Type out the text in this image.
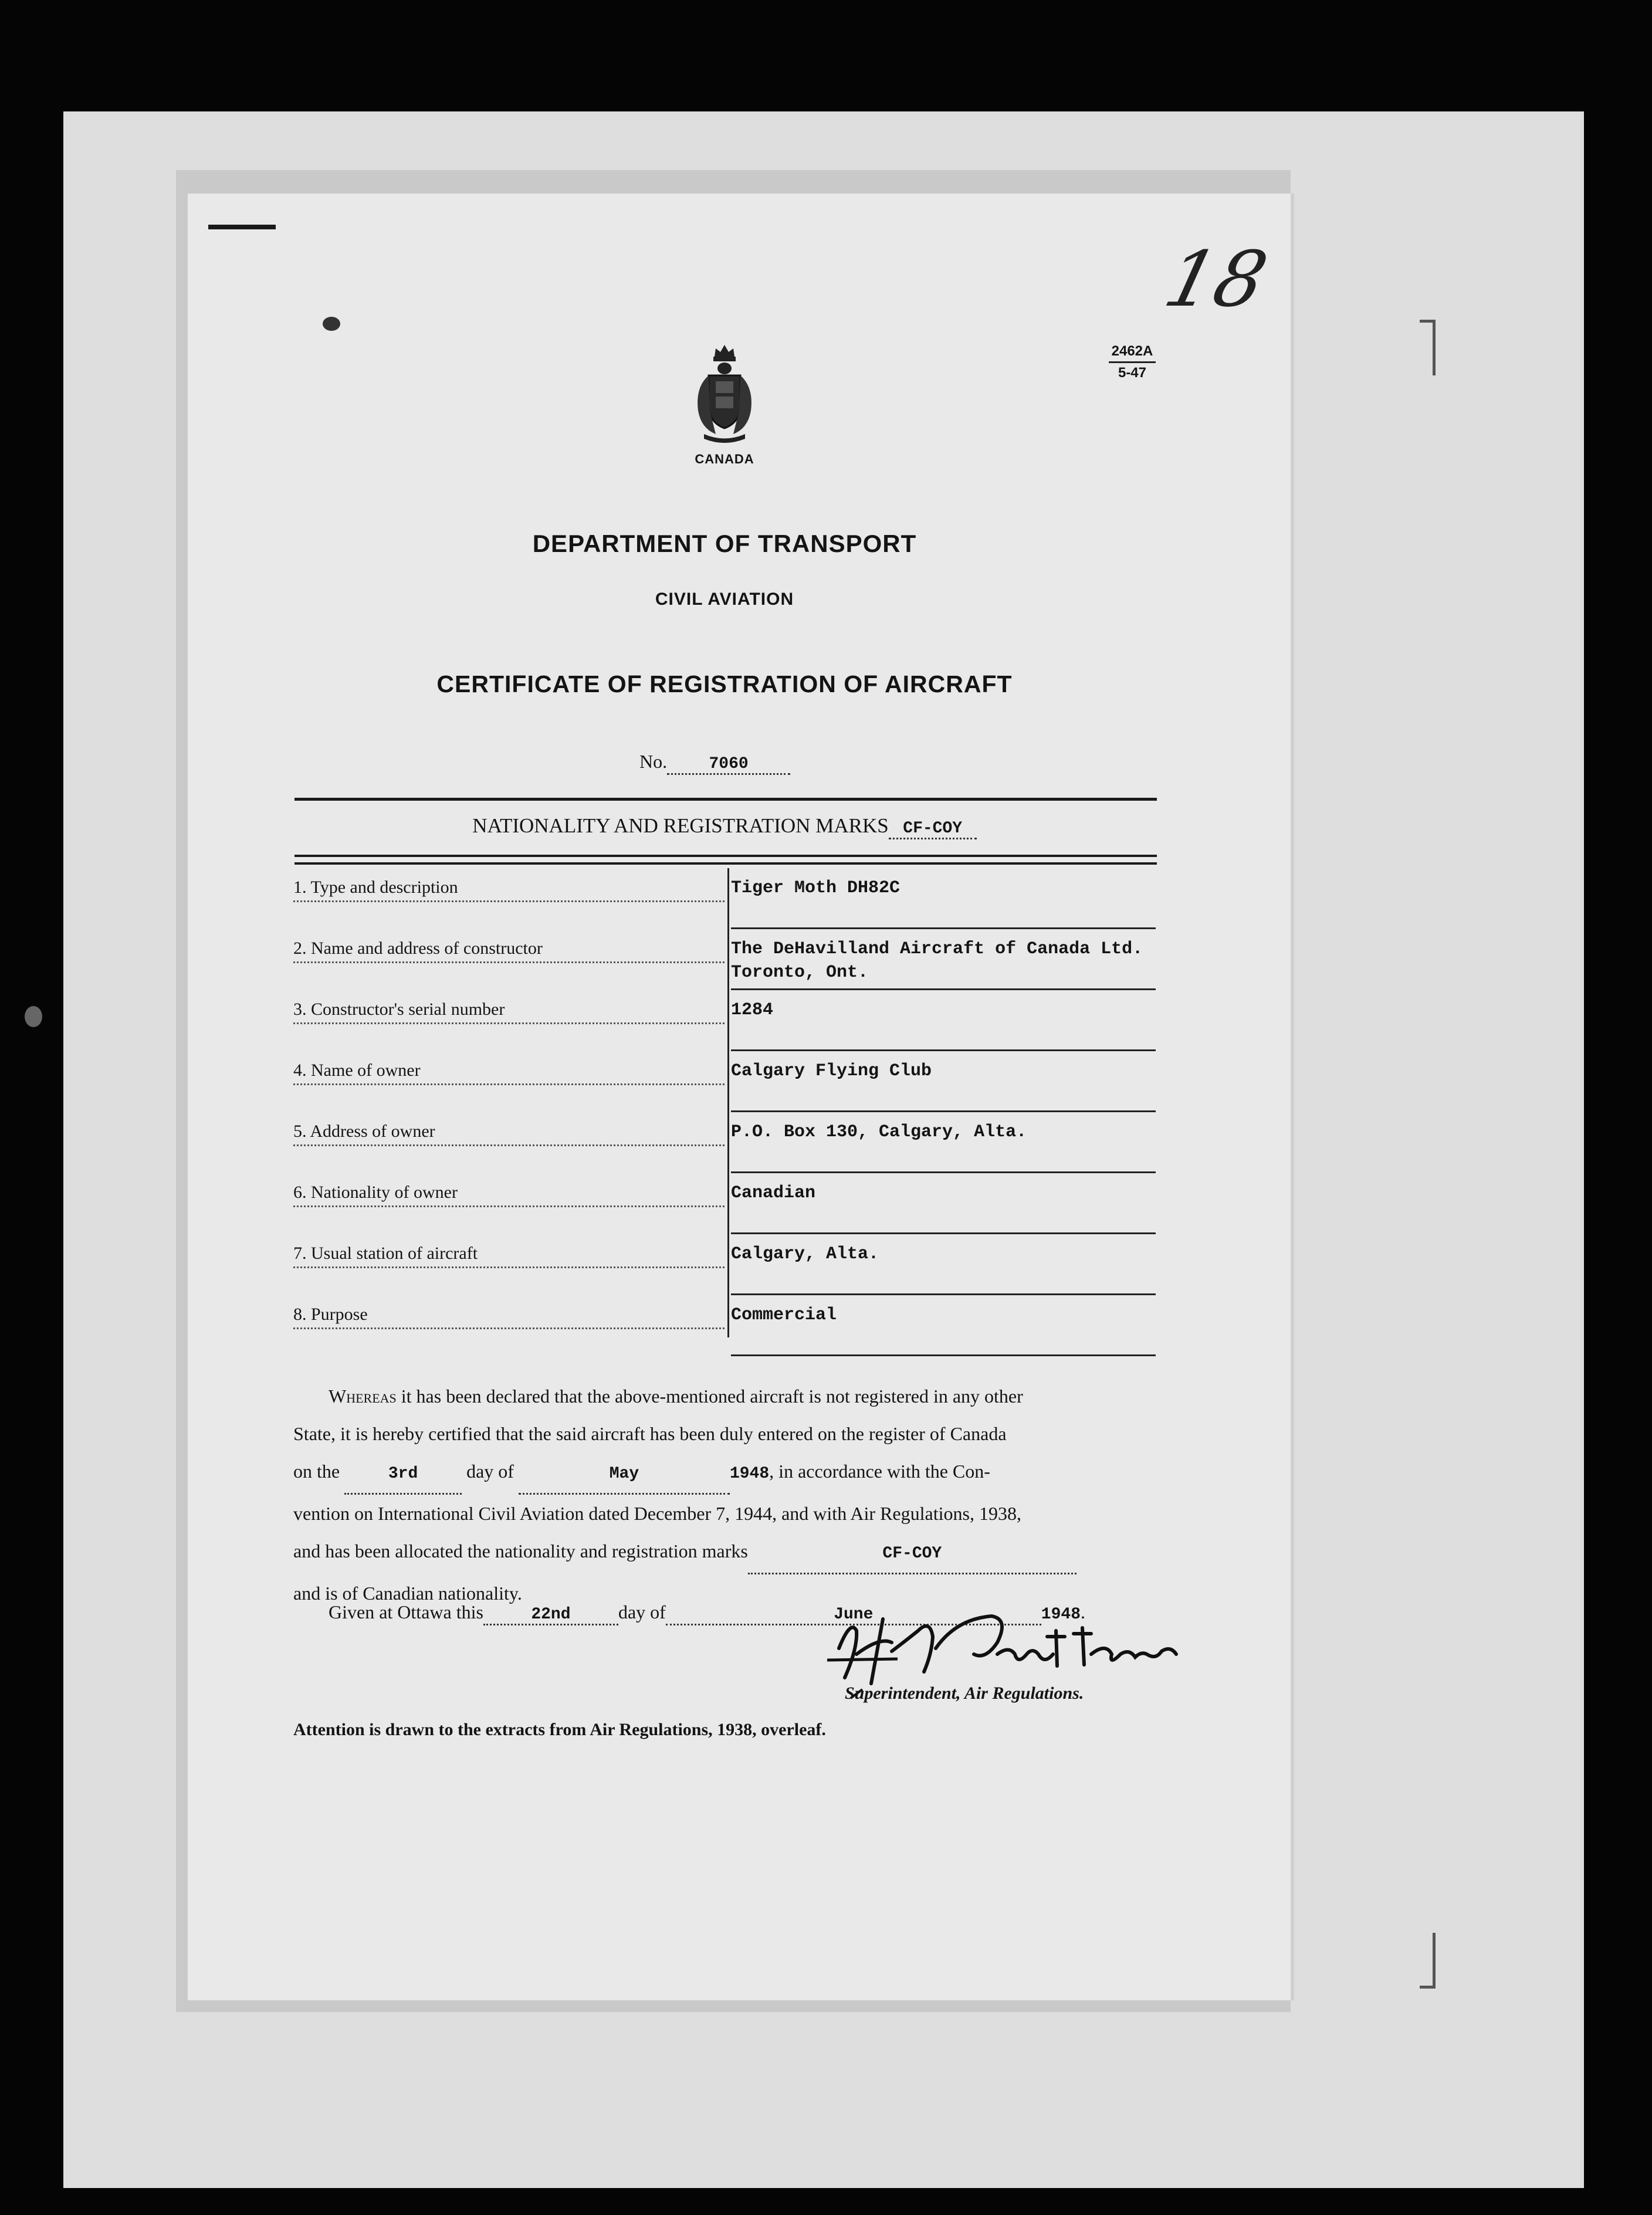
18
2462A
5-47
CANADA
DEPARTMENT OF TRANSPORT
CIVIL AVIATION
CERTIFICATE OF REGISTRATION OF AIRCRAFT
No.	7060
NATIONALITY AND REGISTRATION MARKS CF-COY
1. Type and description	Tiger Moth DH82C
2. Name and address of constructor	The DeHavilland Aircraft of Canada Ltd.
Toronto, Ont.
3. Constructor's serial number	1284
4. Name of owner	Calgary Flying Club
5. Address of owner	P.O. Box 130, Calgary, Alta.
6. Nationality of owner	Canadian
7. Usual station of aircraft	Calgary, Alta.
8. Purpose	Commercial

Whereas it has been declared that the above-mentioned aircraft is not registered in any other

State, it is hereby certified that the said aircraft has been duly entered on the register of Canada

on the	3rd	day of	May	1948, in accordance with the Con-

vention on International Civil Aviation dated December 7, 1944, and with Air Regulations, 1938,

and has been allocated the nationality and registration marks	CF-COY

and is of Canadian nationality.

Given at Ottawa this	22nd	day of	June	1948.
Superintendent, Air Regulations.
Attention is drawn to the extracts from Air Regulations, 1938, overleaf.
